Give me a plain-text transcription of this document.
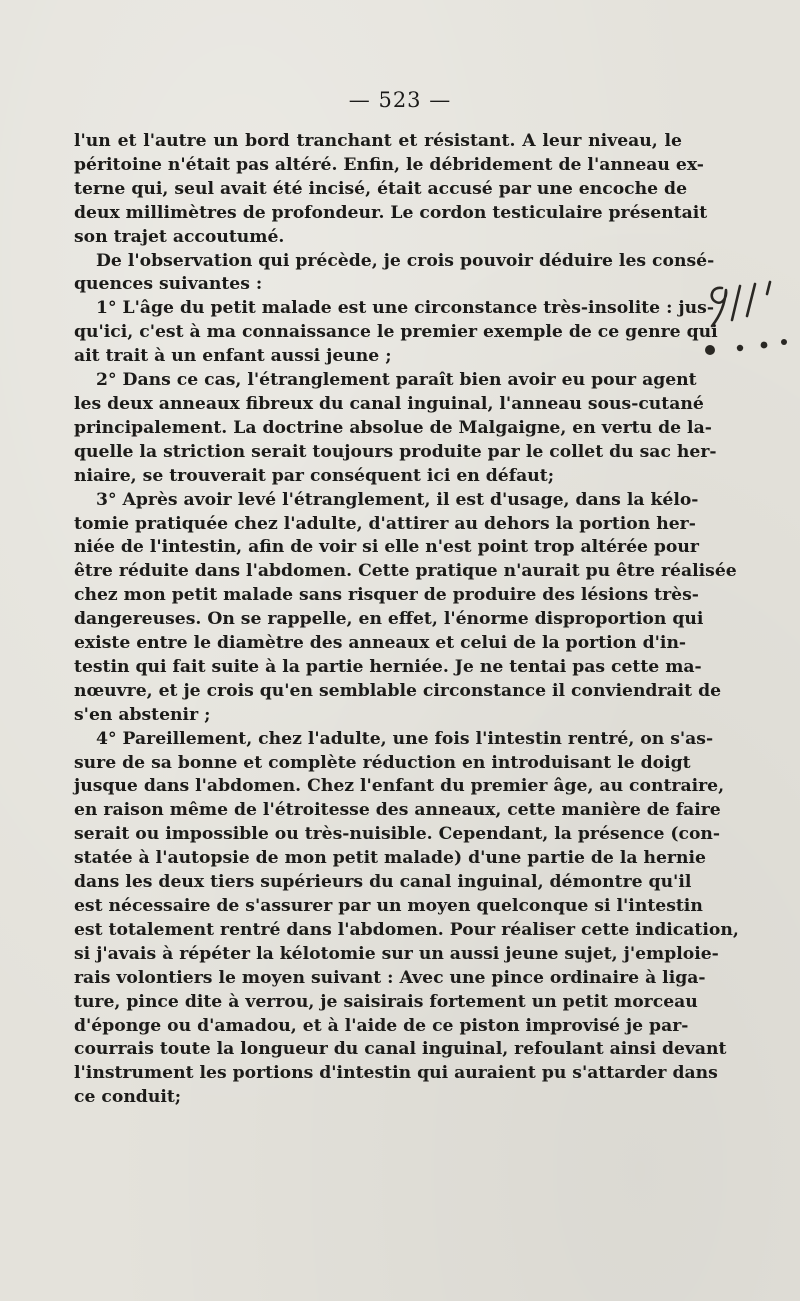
— 523 —

l'un et l'autre un bord tranchant et résistant. A leur niveau, le
péritoine n'était pas altéré. Enfin, le débridement de l'anneau ex-
terne qui, seul avait été incisé, était accusé par une encoche de
deux millimètres de profondeur. Le cordon testiculaire présentait
son trajet accoutumé.

De l'observation qui précède, je crois pouvoir déduire les consé-
quences suivantes :

1° L'âge du petit malade est une circonstance très-insolite : jus-
qu'ici, c'est à ma connaissance le premier exemple de ce genre qui
ait trait à un enfant aussi jeune ;

2° Dans ce cas, l'étranglement paraît bien avoir eu pour agent
les deux anneaux fibreux du canal inguinal, l'anneau sous-cutané
principalement. La doctrine absolue de Malgaigne, en vertu de la-
quelle la striction serait toujours produite par le collet du sac her-
niaire, se trouverait par conséquent ici en défaut;

3° Après avoir levé l'étranglement, il est d'usage, dans la kélo-
tomie pratiquée chez l'adulte, d'attirer au dehors la portion her-
niée de l'intestin, afin de voir si elle n'est point trop altérée pour
être réduite dans l'abdomen. Cette pratique n'aurait pu être réalisée
chez mon petit malade sans risquer de produire des lésions très-
dangereuses. On se rappelle, en effet, l'énorme disproportion qui
existe entre le diamètre des anneaux et celui de la portion d'in-
testin qui fait suite à la partie herniée. Je ne tentai pas cette ma-
nœuvre, et je crois qu'en semblable circonstance il conviendrait de
s'en abstenir ;

4° Pareillement, chez l'adulte, une fois l'intestin rentré, on s'as-
sure de sa bonne et complète réduction en introduisant le doigt
jusque dans l'abdomen. Chez l'enfant du premier âge, au contraire,
en raison même de l'étroitesse des anneaux, cette manière de faire
serait ou impossible ou très-nuisible. Cependant, la présence (con-
statée à l'autopsie de mon petit malade) d'une partie de la hernie
dans les deux tiers supérieurs du canal inguinal, démontre qu'il
est nécessaire de s'assurer par un moyen quelconque si l'intestin
est totalement rentré dans l'abdomen. Pour réaliser cette indication,
si j'avais à répéter la kélotomie sur un aussi jeune sujet, j'emploie-
rais volontiers le moyen suivant : Avec une pince ordinaire à liga-
ture, pince dite à verrou, je saisirais fortement un petit morceau
d'éponge ou d'amadou, et à l'aide de ce piston improvisé je par-
courrais toute la longueur du canal inguinal, refoulant ainsi devant
l'instrument les portions d'intestin qui auraient pu s'attarder dans
ce conduit;
